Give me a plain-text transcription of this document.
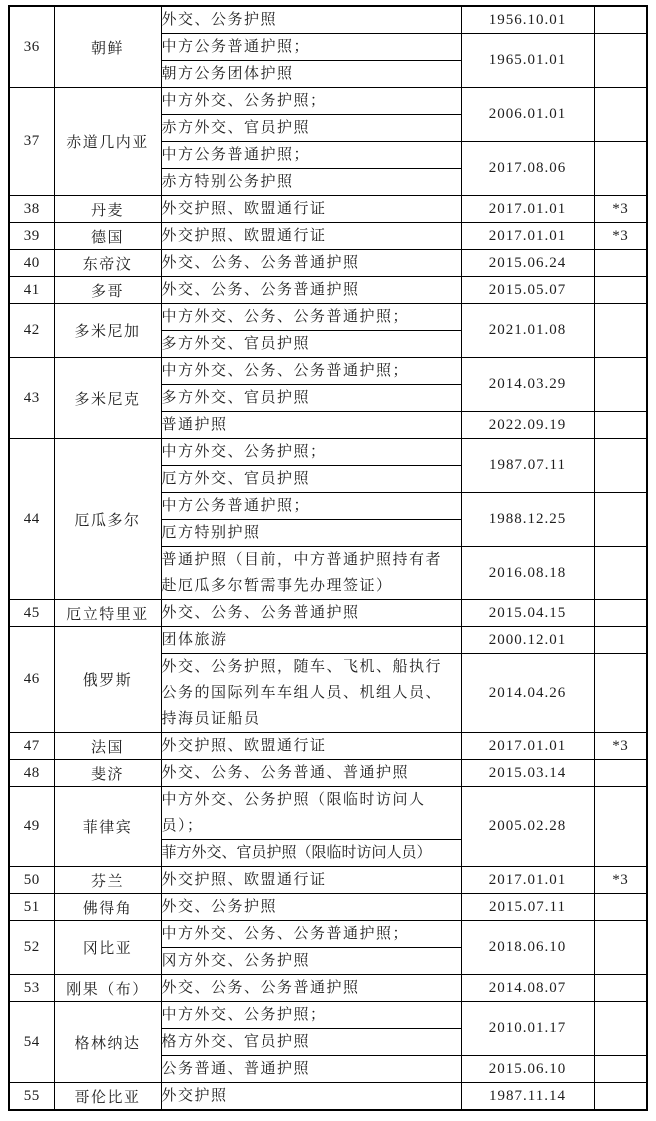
36	朝鲜	外交、公务护照	1956.10.01	

		中方公务普通护照；	1965.01.01	

		朝方公务团体护照		

37	赤道几内亚	中方外交、公务护照；	2006.01.01	

		赤方外交、官员护照		

		中方公务普通护照；	2017.08.06	

		赤方特别公务护照		

38	丹麦	外交护照、欧盟通行证	2017.01.01	*3
39	德国	外交护照、欧盟通行证	2017.01.01	*3
40	东帝汶	外交、公务、公务普通护照	2015.06.24	
41	多哥	外交、公务、公务普通护照	2015.05.07	
42	多米尼加	中方外交、公务、公务普通护照；	2021.01.08	

		多方外交、官员护照		

43	多米尼克	中方外交、公务、公务普通护照；	2014.03.29	

		多方外交、官员护照		

		普通护照	2022.09.19	
44	厄瓜多尔	中方外交、公务护照；	1987.07.11	

		厄方外交、官员护照		

		中方公务普通护照；	1988.12.25	

		厄方特别护照		

		普通护照（目前，中方普通护照持有者
赴厄瓜多尔暂需事先办理签证）	2016.08.18	
45	厄立特里亚	外交、公务、公务普通护照	2015.04.15	
46	俄罗斯	团体旅游	2000.12.01	

		外交、公务护照，随车、飞机、船执行
公务的国际列车车组人员、机组人员、
持海员证船员	2014.04.26	
47	法国	外交护照、欧盟通行证	2017.01.01	*3
48	斐济	外交、公务、公务普通、普通护照	2015.03.14	
49	菲律宾	中方外交、公务护照（限临时访问人
员）；	2005.02.28	

		菲方外交、官员护照（限临时访问人员）		

50	芬兰	外交护照、欧盟通行证	2017.01.01	*3
51	佛得角	外交、公务护照	2015.07.11	
52	冈比亚	中方外交、公务、公务普通护照；	2018.06.10	

		冈方外交、公务护照		

53	刚果（布）	外交、公务、公务普通护照	2014.08.07	
54	格林纳达	中方外交、公务护照；	2010.01.17	

		格方外交、官员护照		

		公务普通、普通护照	2015.06.10	
55	哥伦比亚	外交护照	1987.11.14	
